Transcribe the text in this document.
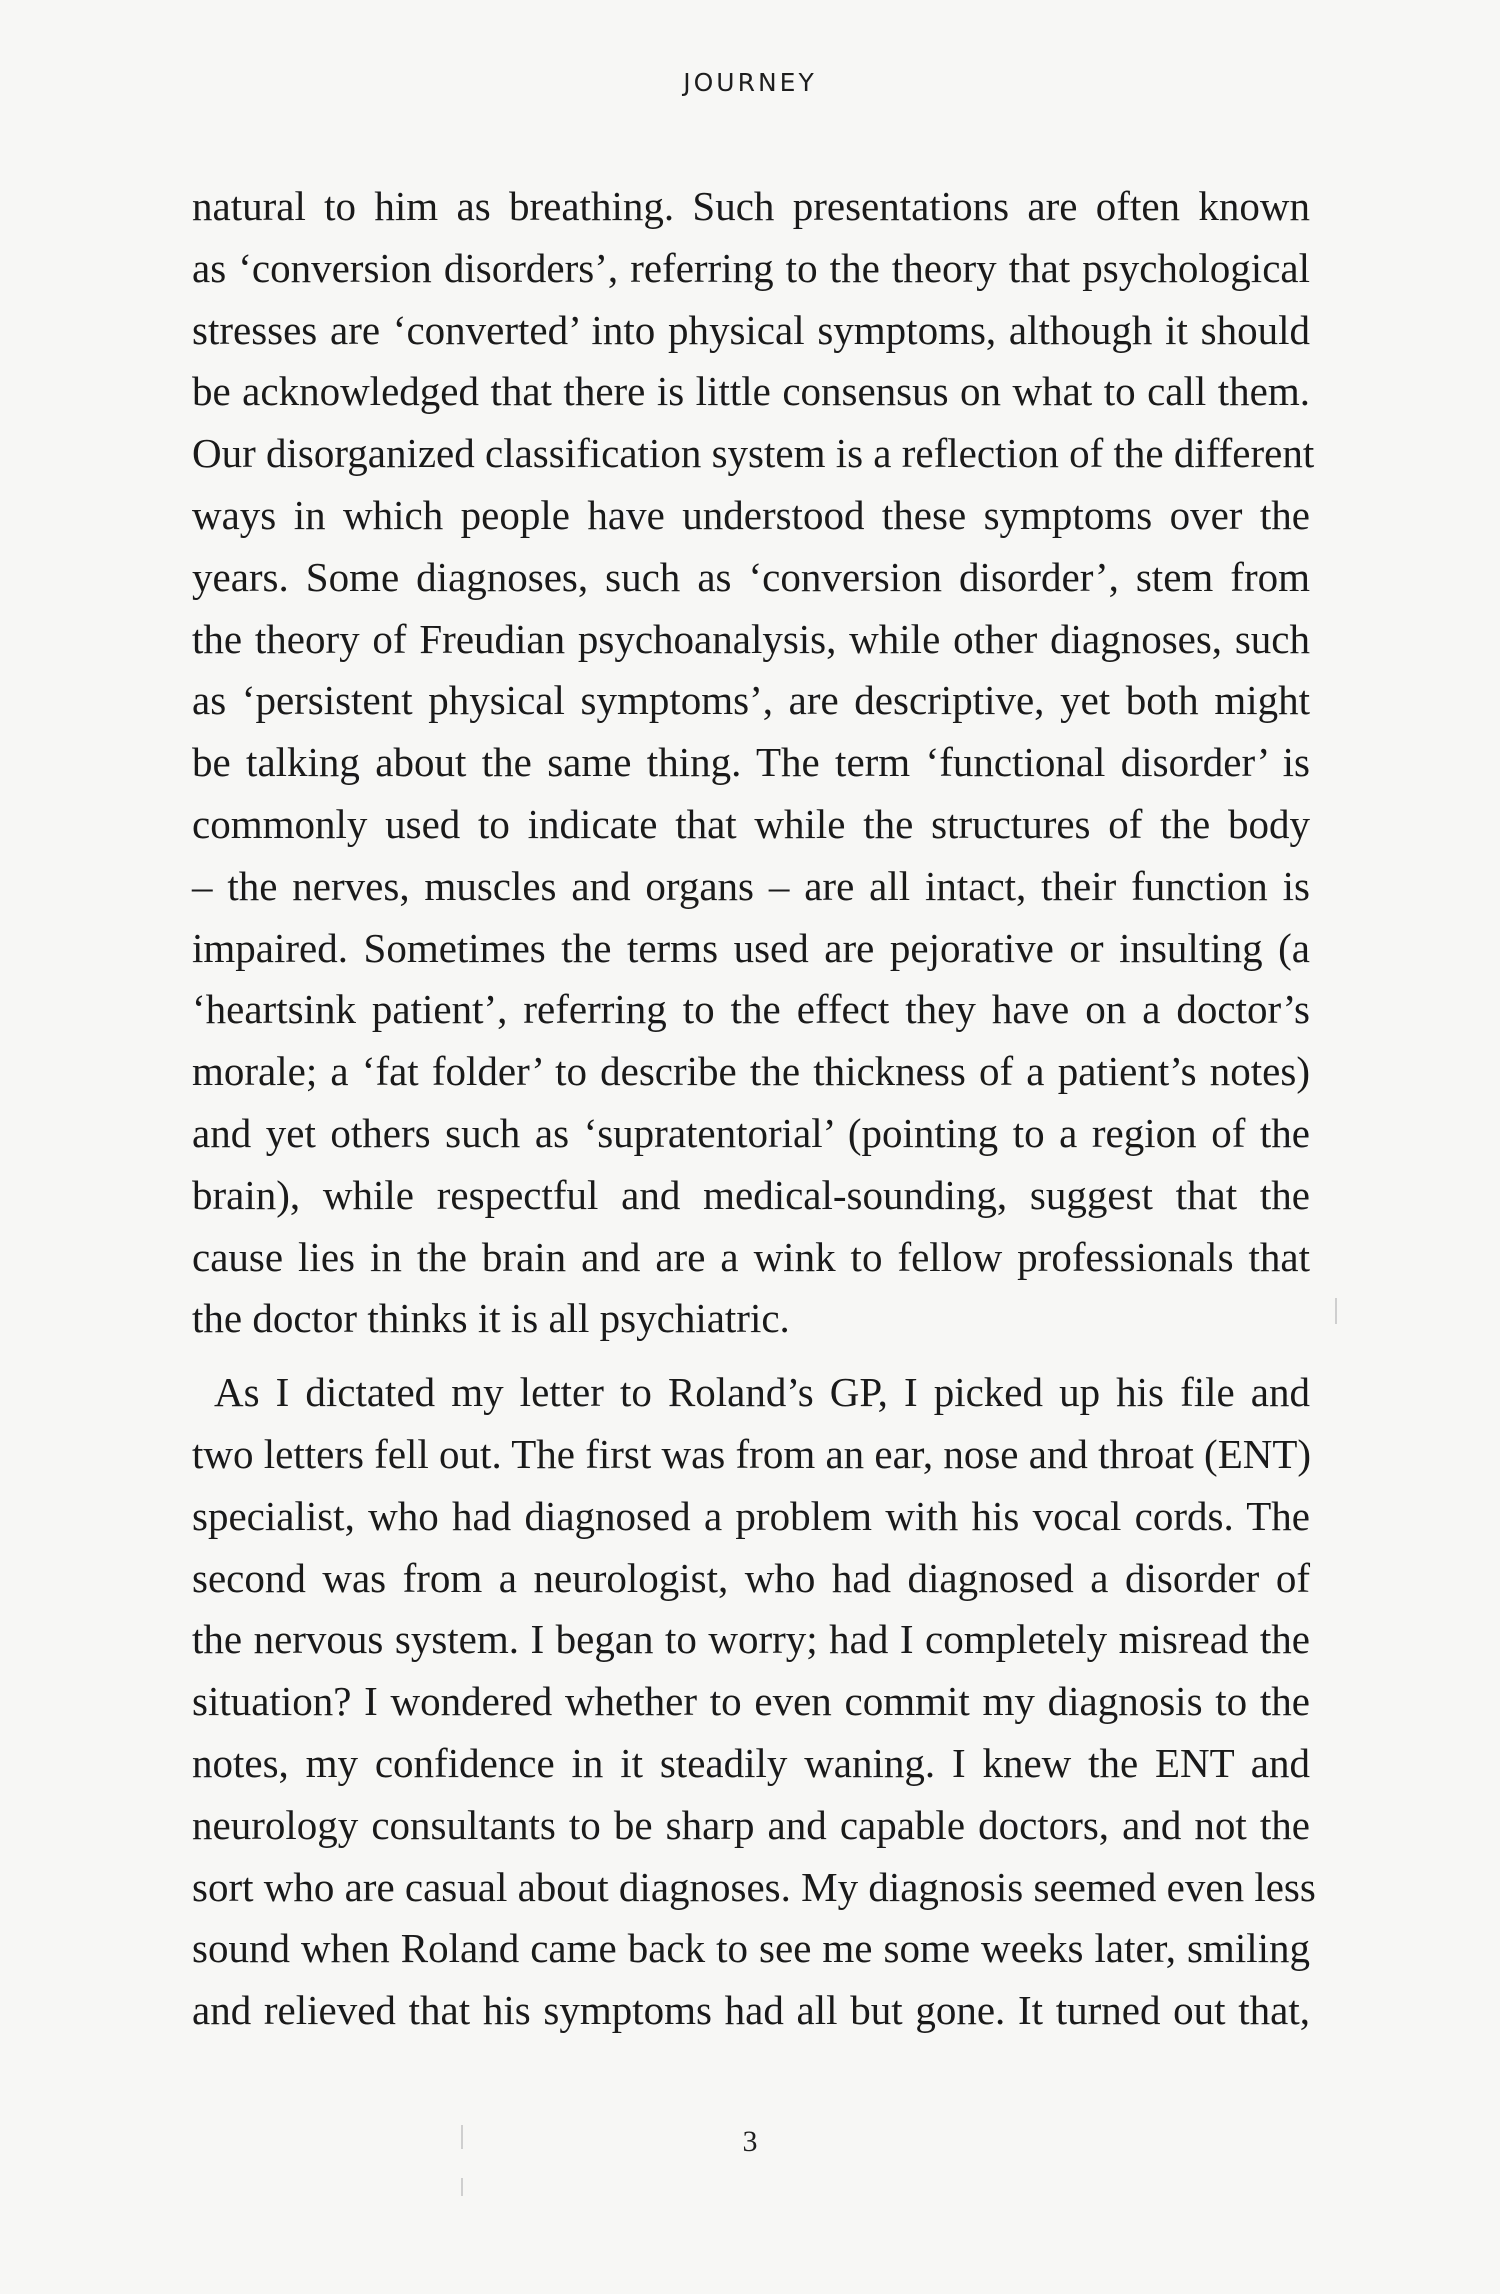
JOURNEY
natural to him as breathing. Such presentations are often known
as ‘conversion disorders’, referring to the theory that psychological
stresses are ‘converted’ into physical symptoms, although it should
be acknowledged that there is little consensus on what to call them.
Our disorganized classification system is a reflection of the different
ways in which people have understood these symptoms over the
years. Some diagnoses, such as ‘conversion disorder’, stem from
the theory of Freudian psychoanalysis, while other diagnoses, such
as ‘persistent physical symptoms’, are descriptive, yet both might
be talking about the same thing. The term ‘functional disorder’ is
commonly used to indicate that while the structures of the body
– the nerves, muscles and organs – are all intact, their function is
impaired. Sometimes the terms used are pejorative or insulting (a
‘heartsink patient’, referring to the effect they have on a doctor’s
morale; a ‘fat folder’ to describe the thickness of a patient’s notes)
and yet others such as ‘supratentorial’ (pointing to a region of the
brain), while respectful and medical-sounding, suggest that the
cause lies in the brain and are a wink to fellow professionals that
the doctor thinks it is all psychiatric.
As I dictated my letter to Roland’s GP, I picked up his file and
two letters fell out. The first was from an ear, nose and throat (ENT)
specialist, who had diagnosed a problem with his vocal cords. The
second was from a neurologist, who had diagnosed a disorder of
the nervous system. I began to worry; had I completely misread the
situation? I wondered whether to even commit my diagnosis to the
notes, my confidence in it steadily waning. I knew the ENT and
neurology consultants to be sharp and capable doctors, and not the
sort who are casual about diagnoses. My diagnosis seemed even less
sound when Roland came back to see me some weeks later, smiling
and relieved that his symptoms had all but gone. It turned out that,
3
